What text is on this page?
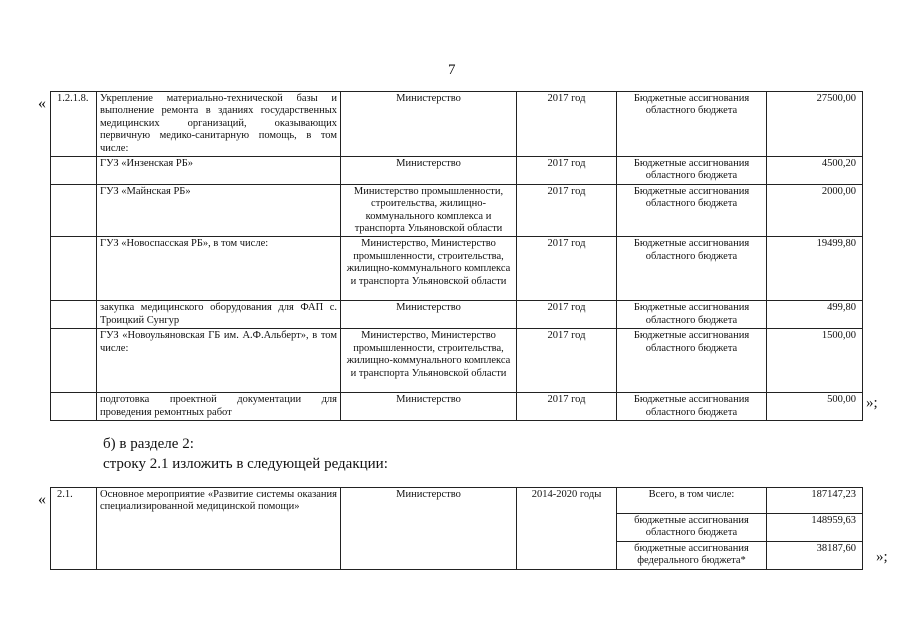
7
« 1.2.1.8.	Укрепление материально-технической базы и выполнение ремонта в зданиях государственных медицинских организаций, оказывающих первичную медико-санитарную помощь, в том числе:	Министерство	2017 год	Бюджетные ассигнования областного бюджета	27500,00
	ГУЗ «Инзенская РБ»	Министерство	2017 год	Бюджетные ассигнования областного бюджета	4500,20
	ГУЗ «Майнская РБ»	Министерство промышленности, строительства, жилищно-коммунального комплекса и транспорта Ульяновской области	2017 год	Бюджетные ассигнования областного бюджета	2000,00
	ГУЗ «Новоспасская РБ», в том числе:	Министерство, Министерство промышленности, строительства, жилищно-коммунального комплекса и транспорта Ульяновской области	2017 год	Бюджетные ассигнования областного бюджета	19499,80
	закупка медицинского оборудования для ФАП с. Троицкий Сунгур	Министерство	2017 год	Бюджетные ассигнования областного бюджета	499,80
	ГУЗ «Новоульяновская ГБ им. А.Ф.Альберт», в том числе:	Министерство, Министерство промышленности, строительства, жилищно-коммунального комплекса и транспорта Ульяновской области	2017 год	Бюджетные ассигнования областного бюджета	1500,00
	подготовка проектной документации для проведения ремонтных работ	Министерство	2017 год	Бюджетные ассигнования областного бюджета	500,00 »;
б) в разделе 2:
строку 2.1 изложить в следующей редакции:
« 2.1.	Основное мероприятие «Развитие системы оказания специализированной медицинской помощи»	Министерство	2014-2020 годы	Всего, в том числе:	187147,23
				бюджетные ассигнования областного бюджета	148959,63
				бюджетные ассигнования федерального бюджета*	38187,60
»;
